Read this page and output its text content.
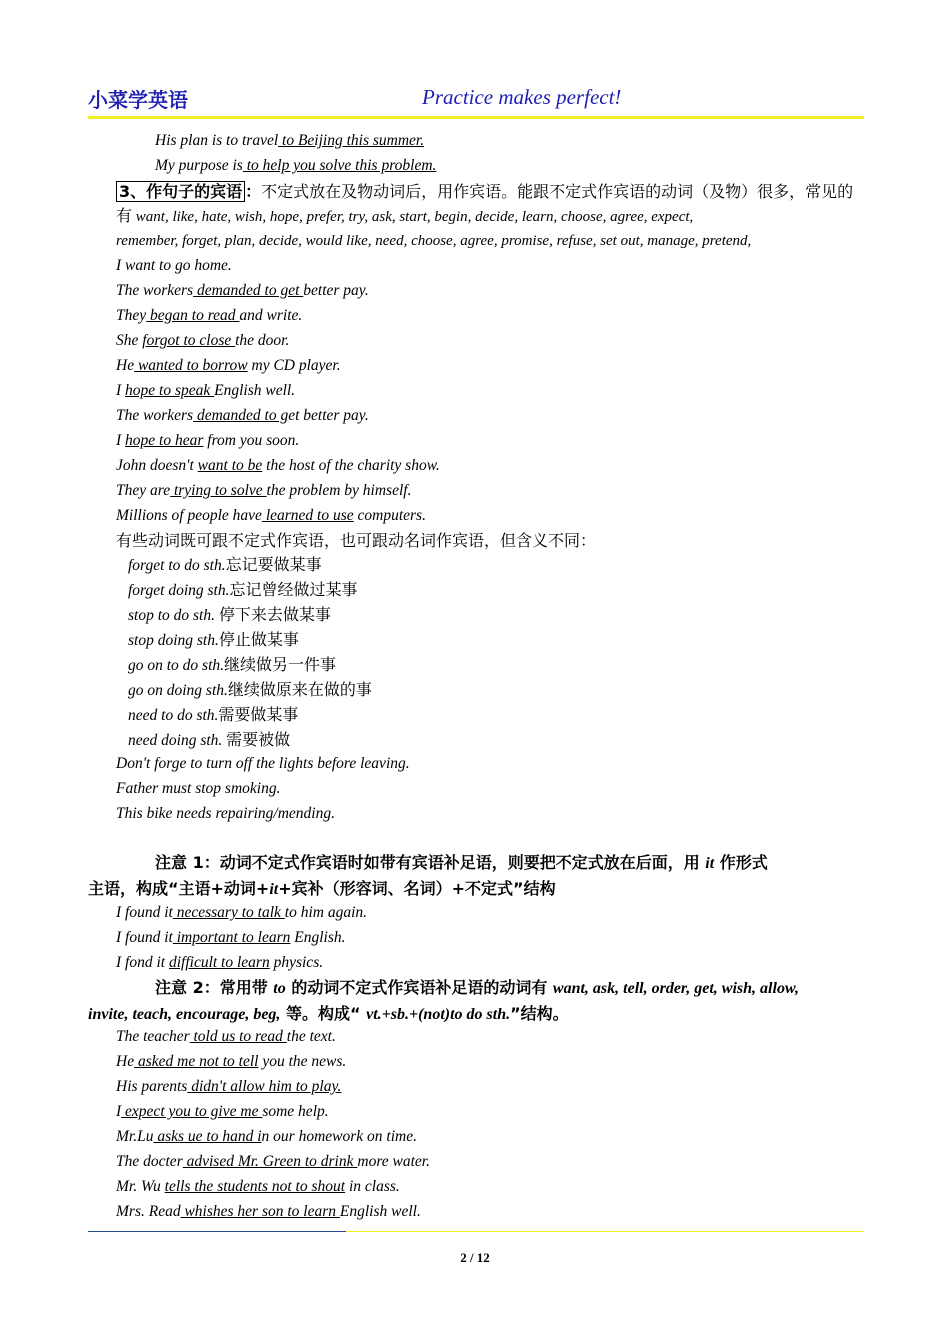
小菜学英语	Practice makes perfect!
His plan is to travel to Beijing this summer.
My purpose is to help you solve this problem.
3、作句子的宾语 ：不定式放在及物动词后，用作宾语。能跟不定式作宾语的动词（及物）很多，常见的有 want, like, hate, wish, hope, prefer, try, ask, start, begin, decide, learn, choose, agree, expect,
remember, forget, plan, decide, would like, need, choose, agree, promise, refuse, set out, manage, pretend,
I want to go home.
The workers demanded to get better pay.
They began to read and write.
She forgot to close the door.
He wanted to borrow my CD player.
I hope to speak English well.
The workers demanded to get better pay.
I hope to hear from you soon.
John doesn't want to be the host of the charity show.
They are trying to solve the problem by himself.
Millions of people have learned to use computers.
有些动词既可跟不定式作宾语，也可跟动名词作宾语，但含义不同：
forget to do sth.忘记要做某事
forget doing sth.忘记曾经做过某事
stop to do sth. 停下来去做某事
stop doing sth.停止做某事
go on to do sth.继续做另一件事
go on doing sth.继续做原来在做的事
need to do sth.需要做某事
need doing sth. 需要被做
Don't forge to turn off the lights before leaving.
Father must stop smoking.
This bike needs repairing/mending.
注意 1：动词不定式作宾语时如带有宾语补足语，则要把不定式放在后面，用 it 作形式
主语，构成“主语+动词+it+宾补（形容词、名词）+不定式”结构
I found it necessary to talk to him again.
I found it important to learn English.
I fond it difficult to learn physics.
注意 2：常用带 to 的动词不定式作宾语补足语的动词有 want, ask, tell, order, get, wish, allow,
invite, teach, encourage, beg, 等。构成“ vt.+sb.+(not)to do sth.”结构。
The teacher told us to read the text.
He asked me not to tell you the news.
His parents didn't allow him to play.
I expect you to give me some help.
Mr.Lu asks ue to hand in our homework on time.
The docter advised Mr. Green to drink more water.
Mr. Wu tells the students not to shout in class.
Mrs. Read whishes her son to learn English well.
2 / 12
